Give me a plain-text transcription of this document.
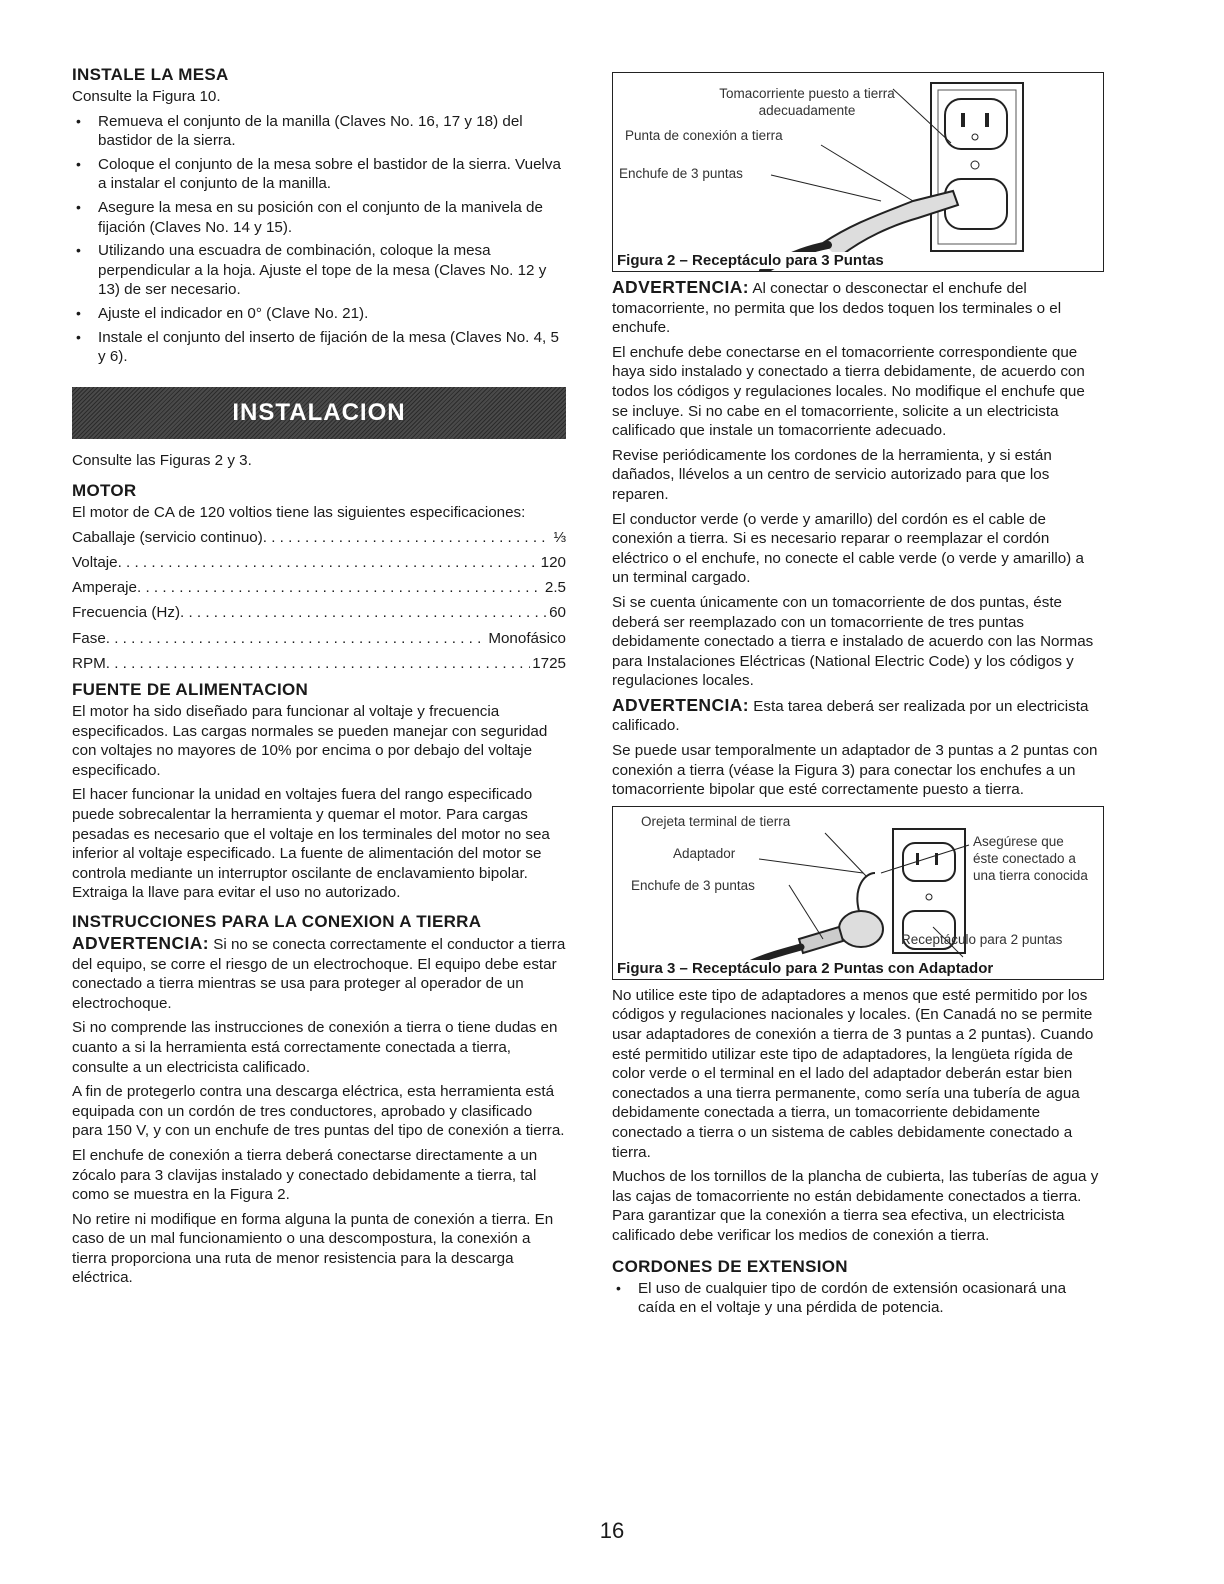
INSTALE LA MESA

Consulte la Figura 10.

• Remueva el conjunto de la manilla (Claves No. 16, 17 y 18) del bastidor de la sierra.
• Coloque el conjunto de la mesa sobre el bastidor de la sierra. Vuelva a instalar el conjunto de la manilla.
• Asegure la mesa en su posición con el conjunto de la manivela de fijación (Claves No. 14 y 15).
• Utilizando una escuadra de combinación, coloque la mesa perpendicular a la hoja. Ajuste el tope de la mesa (Claves No. 12 y 13) de ser necesario.
• Ajuste el indicador en 0° (Clave No. 21).
• Instale el conjunto del inserto de fijación de la mesa (Claves No. 4, 5 y 6).
INSTALACION

Consulte las Figuras 2 y 3.

MOTOR

El motor de CA de 120 voltios tiene las siguientes especificaciones:

Caballaje (servicio continuo) . . .	⅓
Voltaje . . .	120
Amperaje . . .	2.5
Frecuencia (Hz) . . .	60
Fase . . .	Monofásico
RPM . . .	1725
FUENTE DE ALIMENTACION

El motor ha sido diseñado para funcionar al voltaje y frecuencia especificados. Las cargas normales se pueden manejar con seguridad con voltajes no mayores de 10% por encima o por debajo del voltaje especificado.

El hacer funcionar la unidad en voltajes fuera del rango especificado puede sobrecalentar la herramienta y quemar el motor. Para cargas pesadas es necesario que el voltaje en los terminales del motor no sea inferior al voltaje especificado. La fuente de alimentación del motor se controla mediante un interruptor oscilante de enclavamiento bipolar. Extraiga la llave para evitar el uso no autorizado.

INSTRUCCIONES PARA LA CONEXION A TIERRA

ADVERTENCIA: Si no se conecta correctamente el conductor a tierra del equipo, se corre el riesgo de un electrochoque. El equipo debe estar conectado a tierra mientras se usa para proteger al operador de un electrochoque.

Si no comprende las instrucciones de conexión a tierra o tiene dudas en cuanto a si la herramienta está correctamente conectada a tierra, consulte a un electricista calificado.

A fin de protegerlo contra una descarga eléctrica, esta herramienta está equipada con un cordón de tres conductores, aprobado y clasificado para 150 V, y con un enchufe de tres puntas del tipo de conexión a tierra.

El enchufe de conexión a tierra deberá conectarse directamente a un zócalo para 3 clavijas instalado y conectado debidamente a tierra, tal como se muestra en la Figura 2.

No retire ni modifique en forma alguna la punta de conexión a tierra. En caso de un mal funcionamiento o una descompostura, la conexión a tierra proporciona una ruta de menor resistencia para la descarga eléctrica.

Tomacorriente puesto a tierra adecuadamente
Punta de conexión a tierra
Enchufe de 3 puntas
Figura 2 – Receptáculo para 3 Puntas

ADVERTENCIA: Al conectar o desconectar el enchufe del tomacorriente, no permita que los dedos toquen los terminales o el enchufe.

El enchufe debe conectarse en el tomacorriente correspondiente que haya sido instalado y conectado a tierra debidamente, de acuerdo con todos los códigos y regulaciones locales. No modifique el enchufe que se incluye. Si no cabe en el tomacorriente, solicite a un electricista calificado que instale un tomacorriente adecuado.

Revise periódicamente los cordones de la herramienta, y si están dañados, llévelos a un centro de servicio autorizado para que los reparen.

El conductor verde (o verde y amarillo) del cordón es el cable de conexión a tierra. Si es necesario reparar o reemplazar el cordón eléctrico o el enchufe, no conecte el cable verde (o verde y amarillo) a un terminal cargado.

Si se cuenta únicamente con un tomacorriente de dos puntas, éste deberá ser reemplazado con un tomacorriente de tres puntas debidamente conectado a tierra e instalado de acuerdo con las Normas para Instalaciones Eléctricas (National Electric Code) y los códigos y regulaciones locales.

ADVERTENCIA: Esta tarea deberá ser realizada por un electricista calificado.

Se puede usar temporalmente un adaptador de 3 puntas a 2 puntas con conexión a tierra (véase la Figura 3) para conectar los enchufes a un tomacorriente bipolar que esté correctamente puesto a tierra.

Orejeta terminal de tierra
Adaptador
Enchufe de 3 puntas
Asegúrese que éste conectado a una tierra conocida
Receptáculo para 2 puntas
Figura 3 – Receptáculo para 2 Puntas con Adaptador

No utilice este tipo de adaptadores a menos que esté permitido por los códigos y regulaciones nacionales y locales. (En Canadá no se permite usar adaptadores de conexión a tierra de 3 puntas a 2 puntas). Cuando esté permitido utilizar este tipo de adaptadores, la lengüeta rígida de color verde o el terminal en el lado del adaptador deberán estar bien conectados a una tierra permanente, como sería una tubería de agua debidamente conectada a tierra, un tomacorriente debidamente conectado a tierra o un sistema de cables debidamente conectado a tierra.

Muchos de los tornillos de la plancha de cubierta, las tuberías de agua y las cajas de tomacorriente no están debidamente conectados a tierra. Para garantizar que la conexión a tierra sea efectiva, un electricista calificado debe verificar los medios de conexión a tierra.

CORDONES DE EXTENSION
• El uso de cualquier tipo de cordón de extensión ocasionará una caída en el voltaje y una pérdida de potencia.
16
